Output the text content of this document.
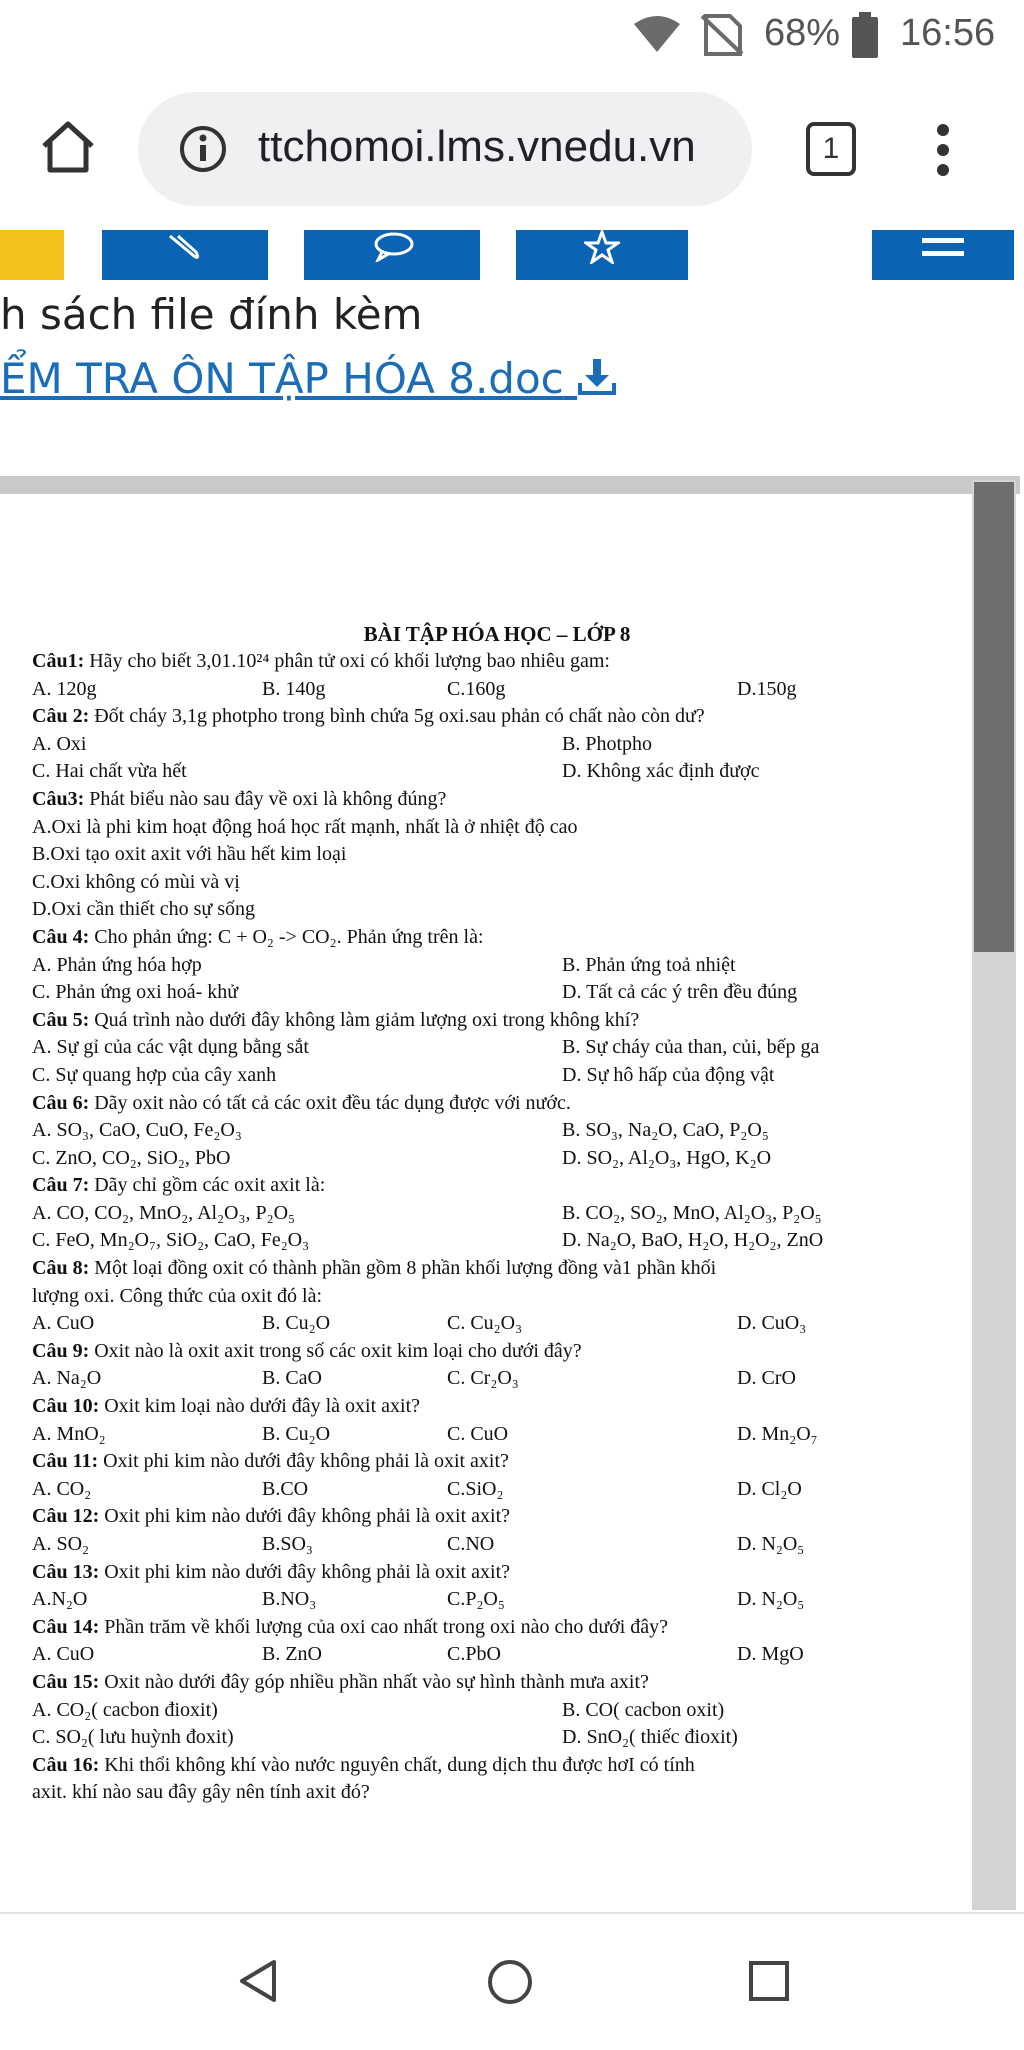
68% 16:56
ttchomoi.lms.vnedu.vn	1
h sách file đính kèm
ỂM TRA ÔN TẬP HÓA 8.doc
BÀI TẬP HÓA HỌC – LỚP 8
Câu1: Hãy cho biết 3,01.10²⁴ phân tử oxi có khối lượng bao nhiêu gam:
A. 120g	B. 140g	C.160g	D.150g
Câu 2: Đốt cháy 3,1g photpho trong bình chứa 5g oxi.sau phản có chất nào còn dư?
A. Oxi	B. Photpho
C. Hai chất vừa hết	D. Không xác định được
Câu3: Phát biểu nào sau đây về oxi là không đúng?
A.Oxi là phi kim hoạt động hoá học rất mạnh, nhất là ở nhiệt độ cao
B.Oxi tạo oxit axit với hầu hết kim loại
C.Oxi không có mùi và vị
D.Oxi cần thiết cho sự sống
Câu 4: Cho phản ứng: C + O₂ -> CO₂. Phản ứng trên là:
A. Phản ứng hóa hợp	B. Phản ứng toả nhiệt
C. Phản ứng oxi hoá- khử	D. Tất cả các ý trên đều đúng
Câu 5: Quá trình nào dưới đây không làm giảm lượng oxi trong không khí?
A. Sự gỉ của các vật dụng bằng sắt	B. Sự cháy của than, củi, bếp ga
C. Sự quang hợp của cây xanh	D. Sự hô hấp của động vật
Câu 6: Dãy oxit nào có tất cả các oxit đều tác dụng được với nước.
A. SO₃, CaO, CuO, Fe₂O₃	B. SO₃, Na₂O, CaO, P₂O₅
C. ZnO, CO₂, SiO₂, PbO	D. SO₂, Al₂O₃, HgO, K₂O
Câu 7: Dãy chỉ gồm các oxit axit là:
A. CO, CO₂, MnO₂, Al₂O₃, P₂O₅	B. CO₂, SO₂, MnO, Al₂O₃, P₂O₅
C. FeO, Mn₂O₇, SiO₂, CaO, Fe₂O₃	D. Na₂O, BaO, H₂O, H₂O₂, ZnO
Câu 8: Một loại đồng oxit có thành phần gồm 8 phần khối lượng đồng và1 phần khối
lượng oxi. Công thức của oxit đó là:
A. CuO	B. Cu₂O	C. Cu₂O₃	D. CuO₃
Câu 9: Oxit nào là oxit axit trong số các oxit kim loại cho dưới đây?
A. Na₂O	B. CaO	C. Cr₂O₃	D. CrO
Câu 10: Oxit kim loại nào dưới đây là oxit axit?
A. MnO₂	B. Cu₂O	C. CuO	D. Mn₂O₇
Câu 11: Oxit phi kim nào dưới đây không phải là oxit axit?
A. CO₂	B.CO	C.SiO₂	D. Cl₂O
Câu 12: Oxit phi kim nào dưới đây không phải là oxit axit?
A. SO₂	B.SO₃	C.NO	D. N₂O₅
Câu 13: Oxit phi kim nào dưới đây không phải là oxit axit?
A.N₂O	B.NO₃	C.P₂O₅	D. N₂O₅
Câu 14: Phần trăm về khối lượng của oxi cao nhất trong oxi nào cho dưới đây?
A. CuO	B. ZnO	C.PbO	D. MgO
Câu 15: Oxit nào dưới đây góp nhiều phần nhất vào sự hình thành mưa axit?
A. CO₂( cacbon đioxit)	B. CO( cacbon oxit)
C. SO₂( lưu huỳnh đoxit)	D. SnO₂( thiếc đioxit)
Câu 16: Khi thổi không khí vào nước nguyên chất, dung dịch thu được hơI có tính
axit. khí nào sau đây gây nên tính axit đó?
